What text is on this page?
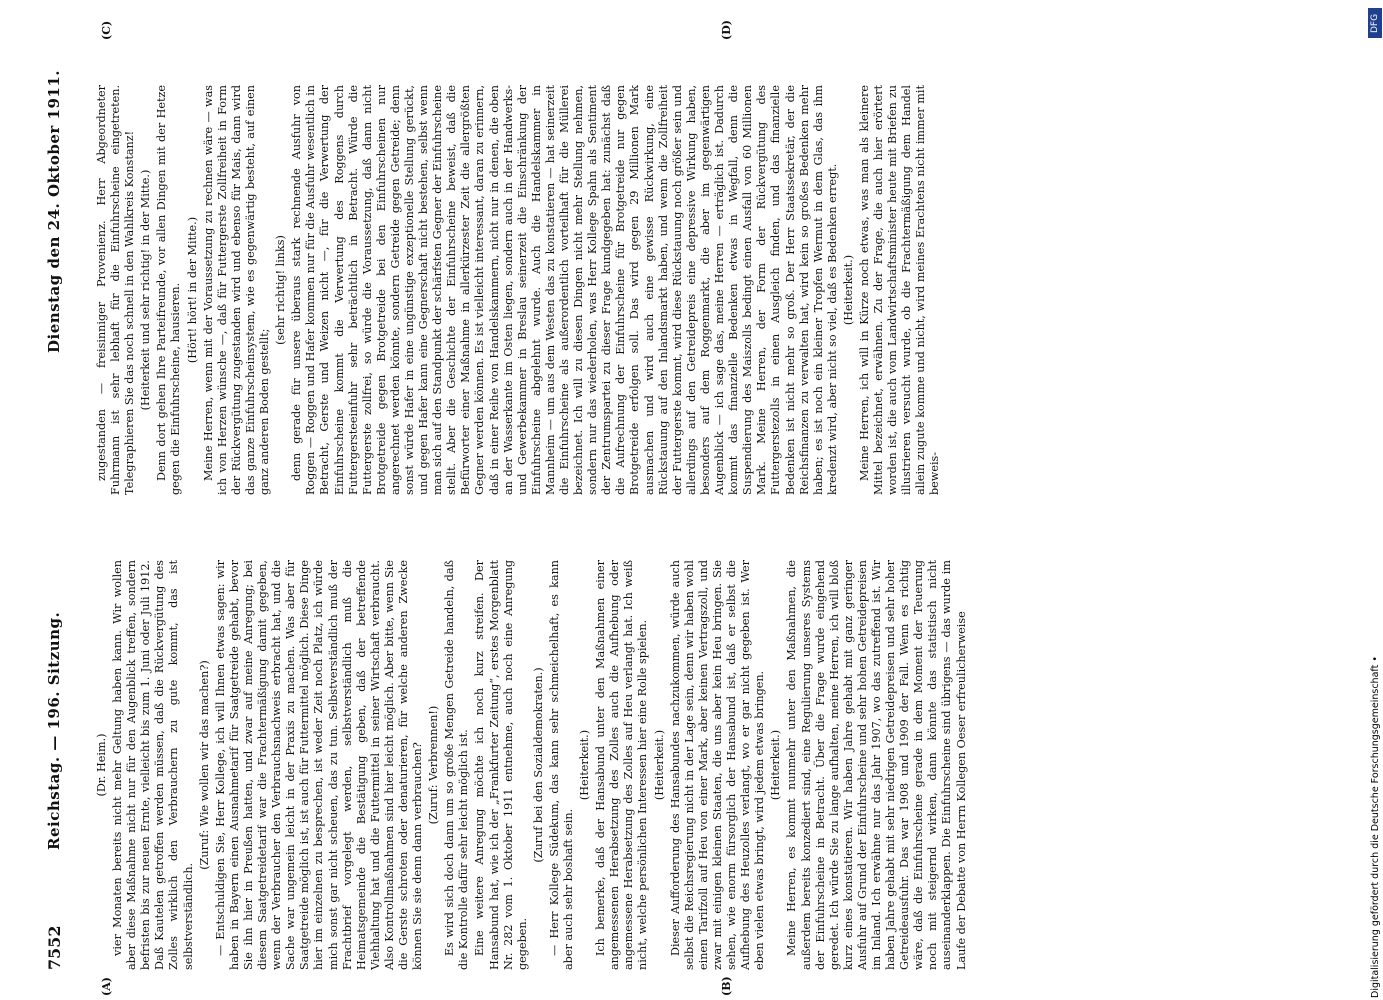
DFG
Digitalisierung gefördert durch die Deutsche Forschungsgemeinschaft •
7552
Reichstag. — 196. Sitzung.
Dienstag den 24. Oktober 1911.
(A)	(B)
(C)	(D)

(Dr. Heim.) vier Monaten bereits nicht mehr Geltung haben kann. Wir wollen aber diese Maßnahme nicht nur für den Augenblick treffen, sondern befristen bis zur neuen Ernte, vielleicht bis zum 1. Juni oder Juli 1912. Daß Kautelen getroffen werden müssen, daß die Rückvergütung des Zolles wirklich den Verbrauchern zu gute kommt, das ist selbstverständlich.

(Zuruf: Wie wollen wir das machen?) — Entschuldigen Sie, Herr Kollege, ich will Ihnen etwas sagen: wir haben in Bayern einen Ausnahmetarif für Saatgetreide gehabt, bevor Sie ihn hier in Preußen hatten, und zwar auf meine Anregung; bei diesem Saatgetreidetarif war die Frachtermäßigung damit gegeben, wenn der Verbraucher den Verbrauchsnachweis erbracht hat, und die Sache war ungemein leicht in der Praxis zu machen. Was aber für Saatgetreide möglich ist, ist auch für Futtermittel möglich. Diese Dinge hier im einzelnen zu besprechen, ist weder Zeit noch Platz, ich würde mich sonst gar nicht scheuen, das zu tun. Selbstverständlich muß der Frachtbrief vorgelegt werden, selbstverständlich muß die Heimatsgemeinde die Bestätigung geben, daß der betreffende Viehhaltung hat und die Futtermittel in seiner Wirtschaft verbraucht. Also Kontrollmaßnahmen sind hier leicht möglich. Aber bitte, wenn Sie die Gerste schroten oder denaturieren, für welche anderen Zwecke können Sie sie denn dann verbrauchen? (Zuruf: Verbrennen!) Es wird sich doch dann um so große Mengen Getreide handeln, daß die Kontrolle dafür sehr leicht möglich ist. Eine weitere Anregung möchte ich noch kurz streifen. Der Hansabund hat, wie ich der „Frankfurter Zeitung“, erstes Morgenblatt Nr. 282 vom 1. Oktober 1911 entnehme, auch noch eine Anregung gegeben.

(Zuruf bei den Sozialdemokraten.) — Herr Kollege Südekum, das kann sehr schmeichelhaft, es kann aber auch sehr boshaft sein.

(Heiterkeit.) Ich bemerke, daß der Hansabund unter den Maßnahmen einer angemessenen Herabsetzung des Zolles auch die Aufhebung oder angemessene Herabsetzung des Zolles auf Heu verlangt hat. Ich weiß nicht, welche persönlichen Interessen hier eine Rolle spielen. (Heiterkeit.) Dieser Aufforderung des Hansabundes nachzukommen, würde auch selbst die Reichsregierung nicht in der Lage sein, denn wir haben wohl einen Tarifzoll auf Heu von einer Mark, aber keinen Vertragszoll, und zwar mit einigen kleinen Staaten, die uns aber kein Heu bringen. Sie sehen, wie enorm fürsorglich der Hansabund ist, daß er selbst die Aufhebung des Heuzolles verlangt, wo er gar nicht gegeben ist. Wer eben vielen etwas bringt, wird jedem etwas bringen. (Heiterkeit.) Meine Herren, es kommt nunmehr unter den Maßnahmen, die außerdem bereits konzediert sind, eine Regulierung unseres Systems der Einfuhrscheine in Betracht. Über die Frage wurde eingehend geredet. Ich würde Sie zu lange aufhalten, meine Herren, ich will bloß kurz eines konstatieren. Wir haben Jahre gehabt mit ganz geringer Ausfuhr auf Grund der Einfuhrscheine und sehr hohen Getreidepreisen im Inland. Ich erwähne nur das Jahr 1907, wo das zutreffend ist. Wir haben Jahre gehabt mit sehr niedrigen Getreidepreisen und sehr hoher Getreideausfuhr. Das war 1908 und 1909 der Fall. Wenn es richtig wäre, daß die Einfuhrscheine gerade in dem Moment der Teuerung noch mit steigernd wirken, dann könnte das statistisch nicht auseinanderklappen. Die Einfuhrscheine sind übrigens — das wurde im Laufe der Debatte von Herrn Kollegen Oeser erfreulicherweise

zugestanden — freisinniger Provenienz. Herr Abgeordneter Fuhrmann ist sehr lebhaft für die Einfuhrscheine eingetreten. Telegraphieren Sie das noch schnell in den Wahlkreis Konstanz! (Heiterkeit und sehr richtig! in der Mitte.) Denn dort gehen Ihre Parteifreunde, vor allen Dingen mit der Hetze gegen die Einfuhrscheine, hausieren. (Hört! hört! in der Mitte.) Meine Herren, wenn mit der Voraussetzung zu rechnen wäre — was ich von Herzen wünsche —, daß für Futtergerste Zollfreiheit in Form der Rückvergütung zugestanden wird und ebenso für Mais, dann wird das ganze Einfuhrscheinsystem, wie es gegenwärtig besteht, auf einen ganz anderen Boden gestellt;

(sehr richtig! links) denn gerade für unsere überaus stark rechnende Ausfuhr von Roggen — Roggen und Hafer kommen nur für die Ausfuhr wesentlich in Betracht, Gerste und Weizen nicht —, für die Verwertung der Einfuhrscheine kommt die Verwertung des Roggens durch Futtergersteeinfuhr sehr beträchtlich in Betracht. Würde die Futtergerste zollfrei, so würde die Voraussetzung, daß dann nicht Brotgetreide gegen Brotgetreide bei den Einfuhrscheinen nur angerechnet werden könnte, sondern Getreide gegen Getreide; denn sonst würde Hafer in eine ungünstige exzeptionelle Stellung gerückt, und gegen Hafer kann eine Gegnerschaft nicht bestehen, selbst wenn man sich auf den Standpunkt der schärfsten Gegner der Einfuhrscheine stellt. Aber die Geschichte der Einfuhrscheine beweist, daß die Befürworter einer Maßnahme in allerkürzester Zeit die allergrößten Gegner werden können. Es ist vielleicht interessant, daran zu erinnern, daß in einer Reihe von Handelskammern, nicht nur in denen, die oben an der Wasserkante im Osten liegen, sondern auch in der Handwerks- und Gewerbekammer in Breslau seinerzeit die Einschränkung der Einfuhrscheine abgelehnt wurde. Auch die Handelskammer in Mannheim — um aus dem Westen das zu konstatieren — hat seinerzeit die Einfuhrscheine als außerordentlich vorteilhaft für die Müllerei bezeichnet. Ich will zu diesen Dingen nicht mehr Stellung nehmen, sondern nur das wiederholen, was Herr Kollege Spahn als Sentiment der Zentrumspartei zu dieser Frage kundgegeben hat: zunächst daß die Aufrechnung der Einfuhrscheine für Brotgetreide nur gegen Brotgetreide erfolgen soll. Das wird gegen 29 Millionen Mark ausmachen und wird auch eine gewisse Rückwirkung, eine Rückstauung auf den Inlandsmarkt haben, und wenn die Zollfreiheit der Futtergerste kommt, wird diese Rückstauung noch größer sein und allerdings auf den Getreidepreis eine depressive Wirkung haben, besonders auf dem Roggenmarkt, die aber im gegenwärtigen Augenblick — ich sage das, meine Herren — erträglich ist. Dadurch kommt das finanzielle Bedenken etwas in Wegfall, denn die Suspendierung des Maiszolls bedingt einen Ausfall von 60 Millionen Mark. Meine Herren, der Form der Rückvergütung des Futtergerstezolls in einen Ausgleich finden, und das finanzielle Bedenken ist nicht mehr so groß. Der Herr Staatssekretär, der die Reichsfinanzen zu verwalten hat, wird kein so großes Bedenken mehr haben; es ist noch ein kleiner Tropfen Wermut in dem Glas, das ihm kredenzt wird, aber nicht so viel, daß es Bedenken erregt. (Heiterkeit.) Meine Herren, ich will in Kürze noch etwas, was man als kleinere Mittel bezeichnet, erwähnen. Zu der Frage, die auch hier erörtert worden ist, die auch vom Landwirtschaftsminister heute mit Briefen zu illustrieren versucht wurde, ob die Frachtermäßigung dem Handel allein zugute komme und nicht, wird meines Erachtens nicht immer mit beweis-
